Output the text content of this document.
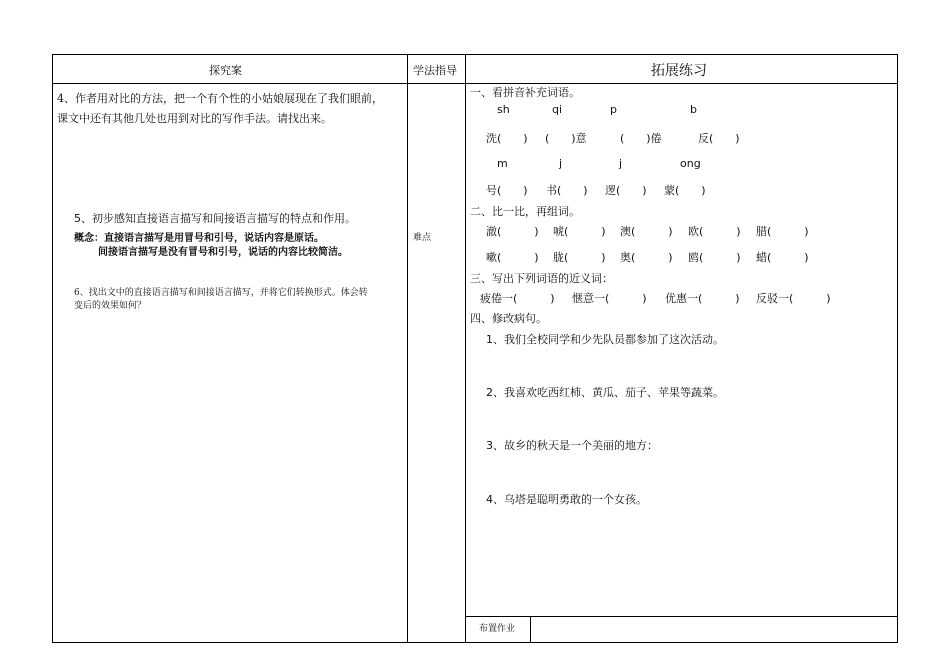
探究案	学法指导	拓展练习
4、作者用对比的方法，把一个有个性的小姑娘展现在了我们眼前，
课文中还有其他几处也用到对比的写作手法。请找出来。
5、初步感知直接语言描写和间接语言描写的特点和作用。
概念：直接语言描写是用冒号和引号，说话内容是原话。
间接语言描写是没有冒号和引号，说话的内容比较简洁。
6、找出文中的直接语言描写和间接语言描写，并将它们转换形式。体会转
变后的效果如何？
难点
一、看拼音补充词语。
sh	qi	p	b
洗(　　) (　　)意	(　　)倦	反(　　)
m	j	j	ong
号(　　) 书(　　) 逻(　　) 蒙(　　)
二、比一比，再组词。
澈(　　　) 唬(　　　) 澳(　　　) 欧(　　　) 腊(　　　)
嗽(　　　) 胧(　　　) 奥(　　　) 鸥(　　　) 蜡(　　　)
三、写出下列词语的近义词：
疲倦一(　　　) 惬意一(　　　) 优惠一(　　　) 反驳一(　　　)
四、修改病句。
1、我们全校同学和少先队员都参加了这次活动。
2、我喜欢吃西红柿、黄瓜、茄子、苹果等蔬菜。
3、故乡的秋天是一个美丽的地方：
4、乌塔是聪明勇敢的一个女孩。
布置作业
